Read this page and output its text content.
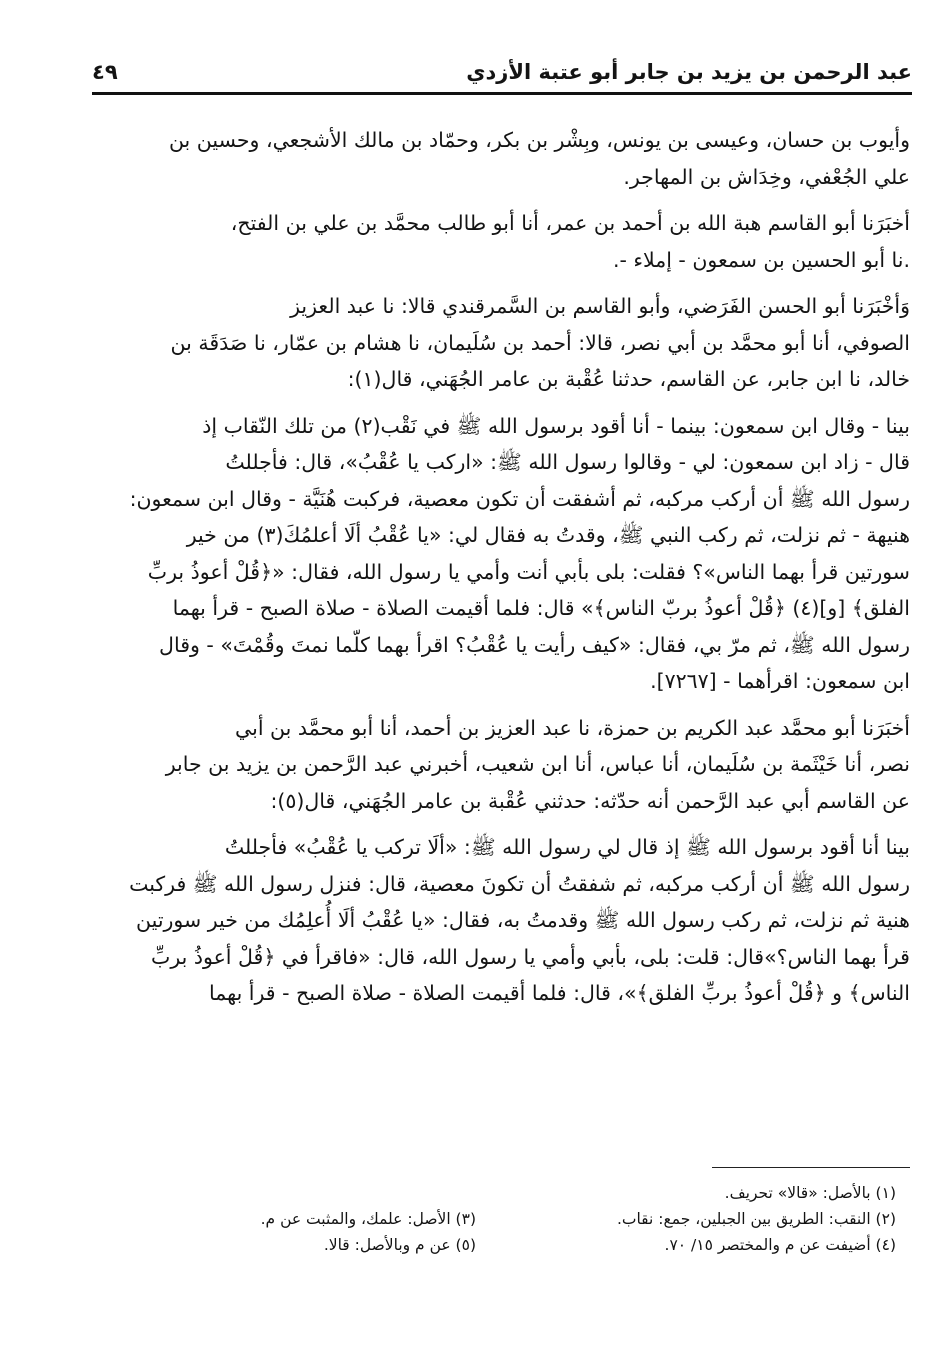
عبد الرحمن بن يزيد بن جابر أبو عتبة الأزدي
٤٩

وأيوب بن حسان، وعيسى بن يونس، وبِشْر بن بكر، وحمّاد بن مالك الأشجعي، وحسين بن
علي الجُعْفي، وخِدَاش بن المهاجر.

أخبَرَنا أبو القاسم هبة الله بن أحمد بن عمر، أنا أبو طالب محمَّد بن علي بن الفتح،
.نا أبو الحسين بن سمعون - إملاء -.

وَأخْبَرَنا أبو الحسن الفَرَضي، وأبو القاسم بن السَّمرقندي قالا: نا عبد العزيز
الصوفي، أنا أبو محمَّد بن أبي نصر، قالا: أحمد بن سُلَيمان، نا هشام بن عمّار، نا صَدَقَة بن
خالد، نا ابن جابر، عن القاسم، حدثنا عُقْبة بن عامر الجُهَني، قال(١):

بينا - وقال ابن سمعون: بينما - أنا أقود برسول الله ﷺ في نَقْب(٢) من تلك النّقاب إذ
قال - زاد ابن سمعون: لي - وقالوا رسول الله ﷺ: «اركب يا عُقْبُ»، قال: فأجللتُ
رسول الله ﷺ أن أركب مركبه، ثم أشفقت أن تكون معصية، فركبت هُنَيَّة - وقال ابن سمعون:
هنيهة - ثم نزلت، ثم ركب النبي ﷺ، وقدتُ به فقال لي: «يا عُقْبُ ألَا أعلمُكَ(٣) من خير
سورتين قرأ بهما الناس»؟ فقلت: بلى بأبي أنت وأمي يا رسول الله، فقال: «﴿قُلْ أعوذُ بربِّ
الفلق﴾ [و](٤) ﴿قُلْ أعوذُ بربّ الناس﴾» قال: فلما أقيمت الصلاة - صلاة الصبح - قرأ بهما
رسول الله ﷺ، ثم مرّ بي، فقال: «كيف رأيت يا عُقْبُ؟ اقرأ بهما كلّما نمتَ وقُمْتَ» - وقال
ابن سمعون: اقرأهما - [٧٢٦٧].

أخبَرَنا أبو محمَّد عبد الكريم بن حمزة، نا عبد العزيز بن أحمد، أنا أبو محمَّد بن أبي
نصر، أنا خَيْثَمة بن سُلَيمان، أنا عباس، أنا ابن شعيب، أخبرني عبد الرَّحمن بن يزيد بن جابر
عن القاسم أبي عبد الرَّحمن أنه حدّثه: حدثني عُقْبة بن عامر الجُهَني، قال(٥):

بينا أنا أقود برسول الله ﷺ إذ قال لي رسول الله ﷺ: «ألَا تركب يا عُقْبُ» فأجللتُ
رسول الله ﷺ أن أركب مركبه، ثم شفقتُ أن تكونَ معصية، قال: فنزل رسول الله ﷺ فركبت
هنية ثم نزلت، ثم ركب رسول الله ﷺ وقدمتُ به، فقال: «يا عُقْبُ ألَا أُعلِمُك من خير سورتين
قرأ بهما الناس؟»قال: قلت: بلى، بأبي وأمي يا رسول الله، قال: «فاقرأ في ﴿قُلْ أعوذُ بربِّ
الناس﴾ و ﴿قُلْ أعوذُ بربِّ الفلق﴾»، قال: فلما أقيمت الصلاة - صلاة الصبح - قرأ بهما

(١) بالأصل: «قالا» تحريف.
(٢) النقب: الطريق بين الجبلين، جمع: نقاب.
(٣) الأصل: علمك، والمثبت عن م.
(٤) أضيفت عن م والمختصر ١٥/ ٧٠.
(٥) عن م وبالأصل: قالا.
